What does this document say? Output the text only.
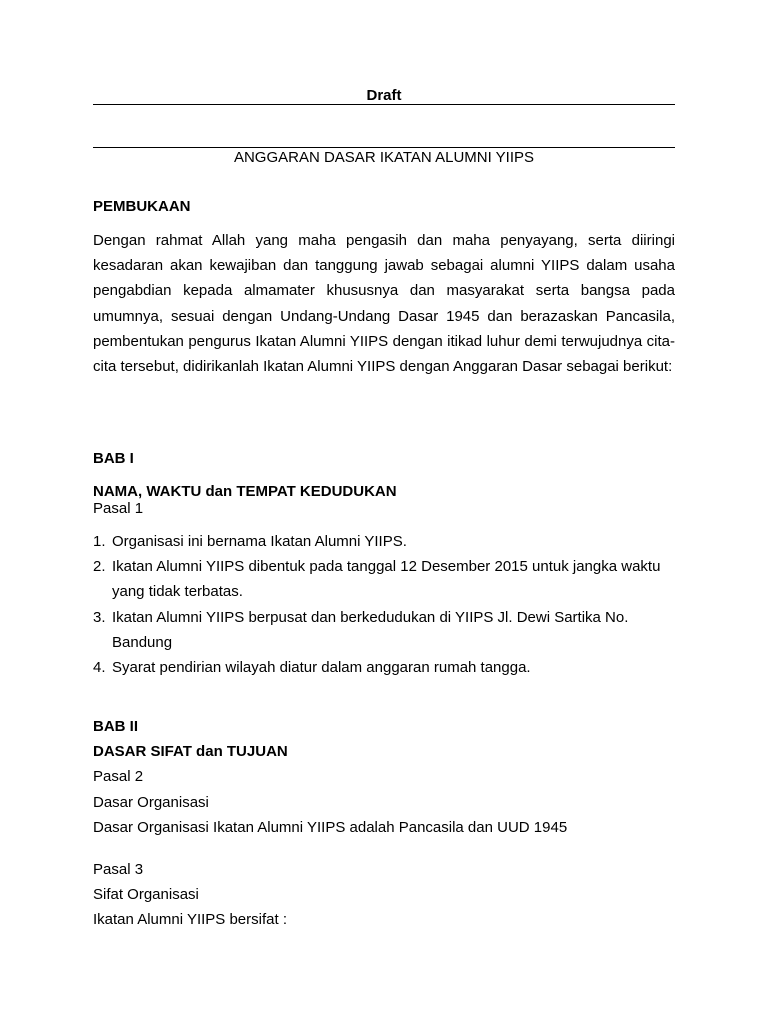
Draft
ANGGARAN DASAR IKATAN ALUMNI YIIPS
PEMBUKAAN
Dengan rahmat Allah yang maha pengasih dan maha penyayang, serta diiringi kesadaran akan kewajiban dan tanggung jawab sebagai alumni YIIPS dalam usaha pengabdian kepada almamater khususnya dan masyarakat serta bangsa pada umumnya, sesuai dengan Undang-Undang Dasar 1945 dan berazaskan Pancasila, pembentukan pengurus Ikatan Alumni YIIPS dengan itikad luhur demi terwujudnya cita-cita tersebut, didirikanlah Ikatan Alumni YIIPS dengan Anggaran Dasar sebagai berikut:
BAB I
NAMA, WAKTU dan TEMPAT KEDUDUKAN
Pasal 1
1. Organisasi ini bernama Ikatan Alumni YIIPS.
2. Ikatan Alumni YIIPS dibentuk pada tanggal 12 Desember 2015 untuk jangka waktu yang tidak terbatas.
3. Ikatan Alumni YIIPS berpusat dan berkedudukan di YIIPS Jl. Dewi Sartika No. Bandung
4. Syarat pendirian wilayah diatur dalam anggaran rumah tangga.
BAB II
DASAR SIFAT dan TUJUAN
Pasal 2
Dasar Organisasi
Dasar Organisasi Ikatan Alumni YIIPS adalah Pancasila dan UUD 1945
Pasal 3
Sifat Organisasi
Ikatan Alumni YIIPS bersifat :
